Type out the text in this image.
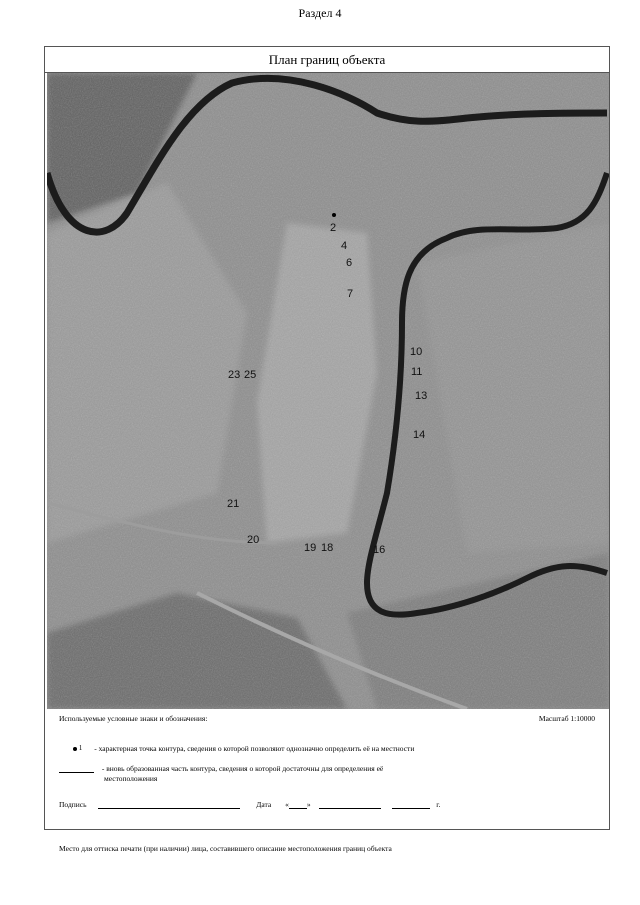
Раздел 4
План границ объекта
2
4
6
7
10
11
13
14
16
18
19
20
21
23 25
Используемые условные знаки и обозначения:	Масштаб 1:10000
1 - характерная точка контура, сведения о которой позволяют однозначно определить её на местности
- вновь образованная часть контура, сведения о которой достаточны для определения её
местоположения
Подпись	Дата « »	г.
Место для оттиска печати (при наличии) лица, составившего описание местоположения границ объекта
